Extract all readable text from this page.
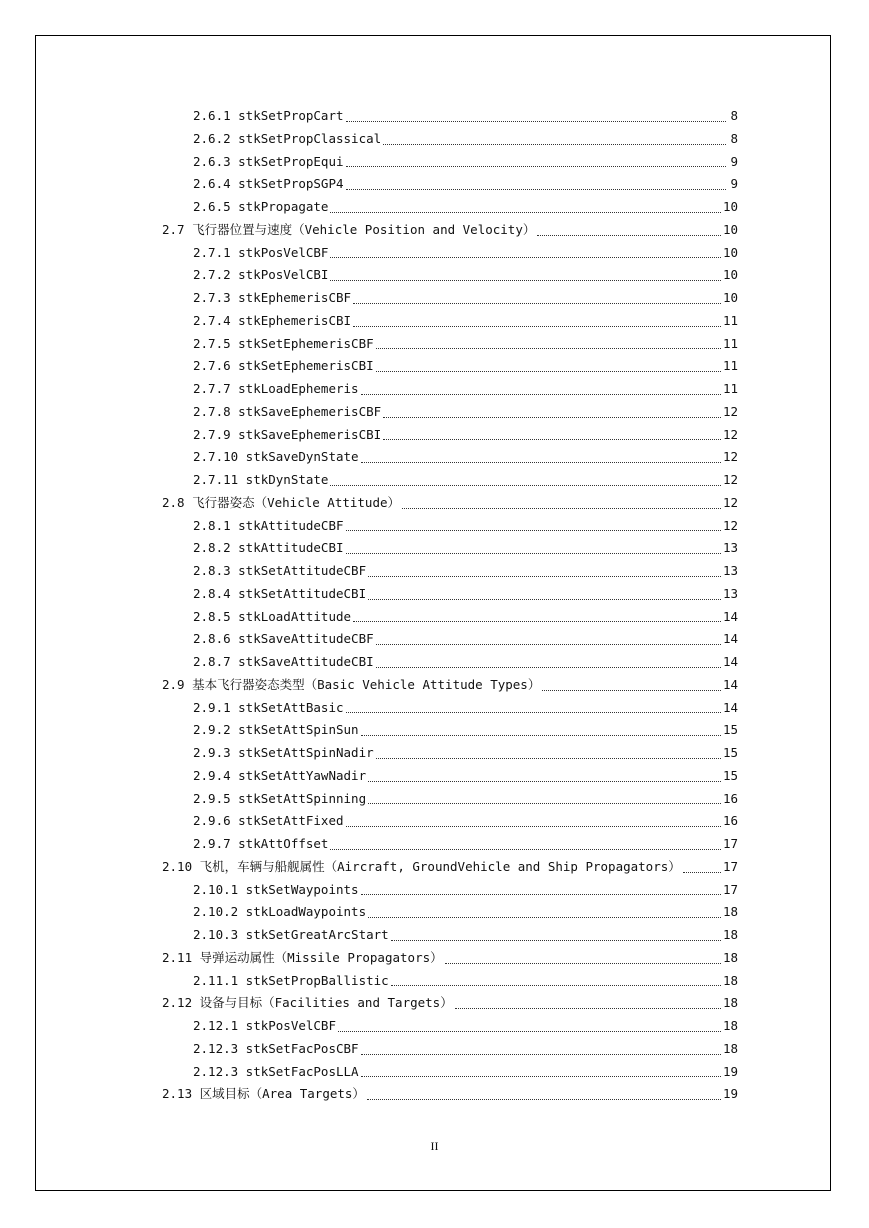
2.6.1 stkSetPropCart	8
2.6.2 stkSetPropClassical	8
2.6.3 stkSetPropEqui	9
2.6.4 stkSetPropSGP4	9
2.6.5 stkPropagate	10
2.7 飞行器位置与速度（Vehicle Position and Velocity）	10
2.7.1 stkPosVelCBF	10
2.7.2 stkPosVelCBI	10
2.7.3 stkEphemerisCBF	10
2.7.4 stkEphemerisCBI	11
2.7.5 stkSetEphemerisCBF	11
2.7.6 stkSetEphemerisCBI	11
2.7.7 stkLoadEphemeris	11
2.7.8 stkSaveEphemerisCBF	12
2.7.9 stkSaveEphemerisCBI	12
2.7.10 stkSaveDynState	12
2.7.11 stkDynState	12
2.8 飞行器姿态（Vehicle Attitude）	12
2.8.1 stkAttitudeCBF	12
2.8.2 stkAttitudeCBI	13
2.8.3 stkSetAttitudeCBF	13
2.8.4 stkSetAttitudeCBI	13
2.8.5 stkLoadAttitude	14
2.8.6 stkSaveAttitudeCBF	14
2.8.7 stkSaveAttitudeCBI	14
2.9 基本飞行器姿态类型（Basic Vehicle Attitude Types）	14
2.9.1 stkSetAttBasic	14
2.9.2 stkSetAttSpinSun	15
2.9.3 stkSetAttSpinNadir	15
2.9.4 stkSetAttYawNadir	15
2.9.5 stkSetAttSpinning	16
2.9.6 stkSetAttFixed	16
2.9.7 stkAttOffset	17
2.10 飞机，车辆与船舰属性（Aircraft, GroundVehicle and Ship Propagators）	17
2.10.1 stkSetWaypoints	17
2.10.2 stkLoadWaypoints	18
2.10.3 stkSetGreatArcStart	18
2.11 导弹运动属性（Missile Propagators）	18
2.11.1 stkSetPropBallistic	18
2.12 设备与目标（Facilities and Targets）	18
2.12.1 stkPosVelCBF	18
2.12.3 stkSetFacPosCBF	18
2.12.3 stkSetFacPosLLA	19
2.13 区域目标（Area Targets）	19
II
